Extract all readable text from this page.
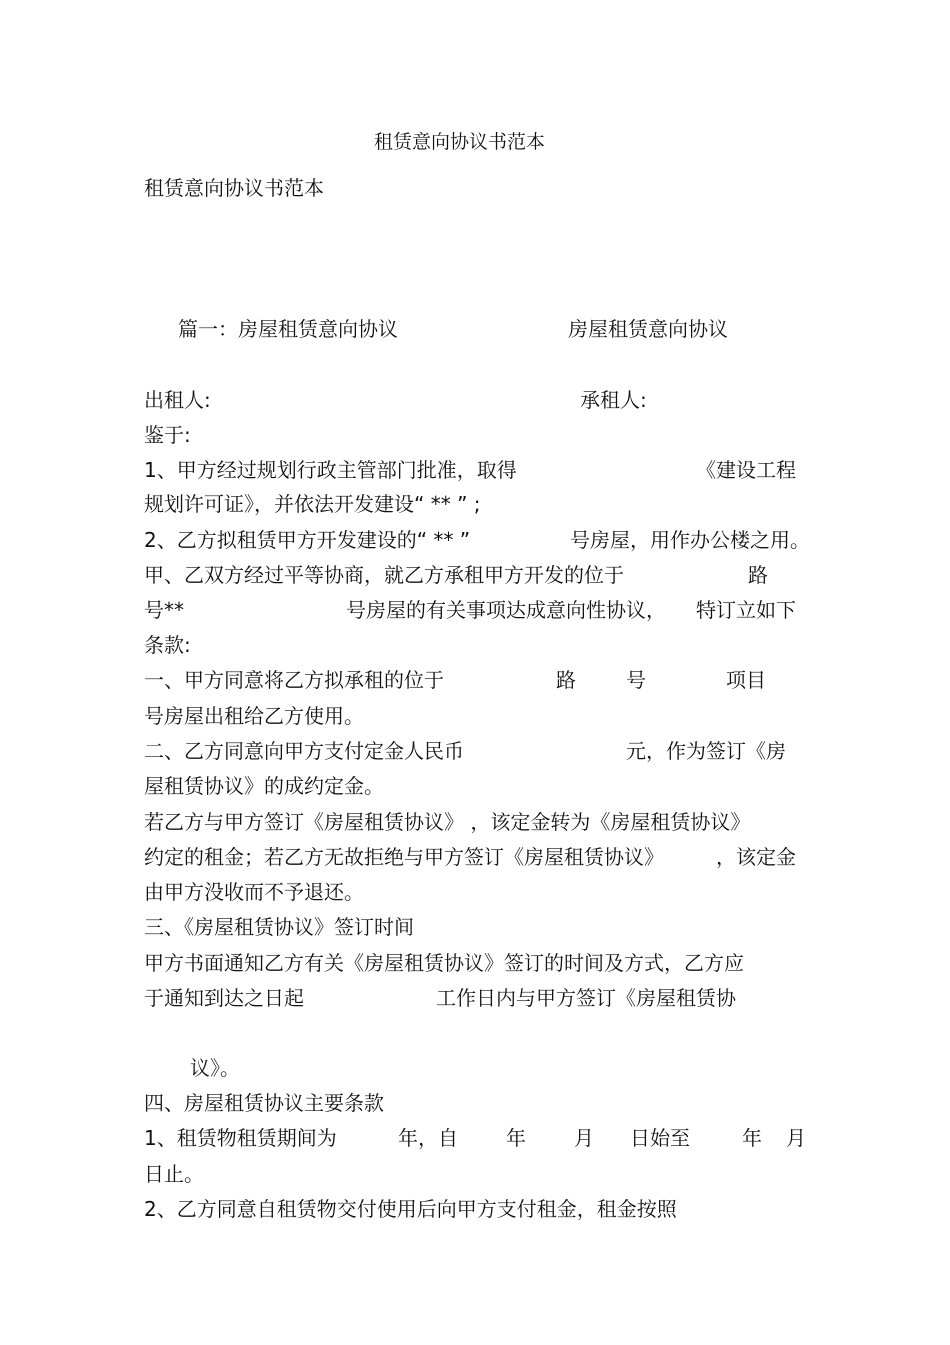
租赁意向协议书范本
租赁意向协议书范本
篇一：房屋租赁意向协议	房屋租赁意向协议
出租人:	承租人:
鉴于:
1、甲方经过规划行政主管部门批准，取得	《建设工程
规划许可证》，并依法开发建设“ ** ” ;
2、乙方拟租赁甲方开发建设的“ ** ”	号房屋，用作办公楼之用。
甲、乙双方经过平等协商，就乙方承租甲方开发的位于	路
号**	号房屋的有关事项达成意向性协议， 特订立如下
条款:
一、甲方同意将乙方拟承租的位于	路	号	项目
号房屋出租给乙方使用。
二、乙方同意向甲方支付定金人民币	元，作为签订《房
屋租赁协议》的成约定金。
若乙方与甲方签订《房屋租赁协议》 ，该定金转为《房屋租赁协议》
约定的租金；若乙方无故拒绝与甲方签订《房屋租赁协议》	，该定金
由甲方没收而不予退还。
三、《房屋租赁协议》签订时间
甲方书面通知乙方有关《房屋租赁协议》签订的时间及方式，乙方应
于通知到达之日起	工作日内与甲方签订《房屋租赁协
议》。
四、房屋租赁协议主要条款
1、租赁物租赁期间为	年，自 年 月 日始至	年 月
日止。
2、乙方同意自租赁物交付使用后向甲方支付租金，租金按照
